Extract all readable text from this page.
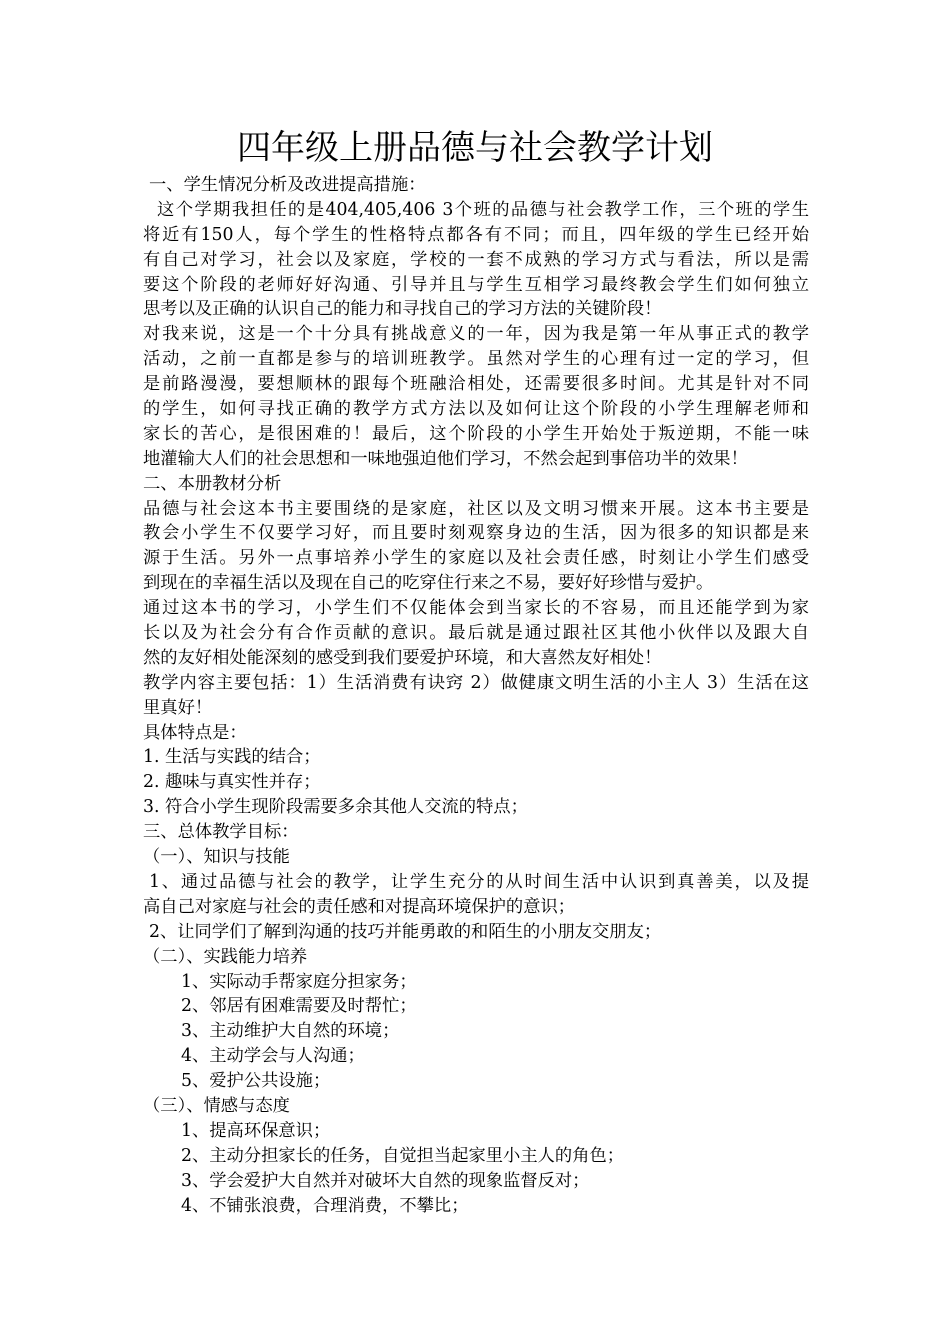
四年级上册品德与社会教学计划
一、学生情况分析及改进提高措施：
这个学期我担任的是404,405,406 3个班的品德与社会教学工作，三个班的学生
将近有150人，每个学生的性格特点都各有不同；而且，四年级的学生已经开始
有自己对学习，社会以及家庭，学校的一套不成熟的学习方式与看法，所以是需
要这个阶段的老师好好沟通、引导并且与学生互相学习最终教会学生们如何独立
思考以及正确的认识自己的能力和寻找自己的学习方法的关键阶段！
对我来说，这是一个十分具有挑战意义的一年，因为我是第一年从事正式的教学
活动，之前一直都是参与的培训班教学。虽然对学生的心理有过一定的学习，但
是前路漫漫，要想顺林的跟每个班融洽相处，还需要很多时间。尤其是针对不同
的学生，如何寻找正确的教学方式方法以及如何让这个阶段的小学生理解老师和
家长的苦心，是很困难的！最后，这个阶段的小学生开始处于叛逆期，不能一味
地灌输大人们的社会思想和一味地强迫他们学习，不然会起到事倍功半的效果！
二、本册教材分析
品德与社会这本书主要围绕的是家庭，社区以及文明习惯来开展。这本书主要是
教会小学生不仅要学习好，而且要时刻观察身边的生活，因为很多的知识都是来
源于生活。另外一点事培养小学生的家庭以及社会责任感，时刻让小学生们感受
到现在的幸福生活以及现在自己的吃穿住行来之不易，要好好珍惜与爱护。
通过这本书的学习，小学生们不仅能体会到当家长的不容易，而且还能学到为家
长以及为社会分有合作贡献的意识。最后就是通过跟社区其他小伙伴以及跟大自
然的友好相处能深刻的感受到我们要爱护环境，和大喜然友好相处！
教学内容主要包括：1）生活消费有诀窍 2）做健康文明生活的小主人 3）生活在这
里真好！
具体特点是：
1. 生活与实践的结合；
2. 趣味与真实性并存；
3. 符合小学生现阶段需要多余其他人交流的特点；
三、总体教学目标：
（一）、知识与技能
1、通过品德与社会的教学，让学生充分的从时间生活中认识到真善美，以及提
高自己对家庭与社会的责任感和对提高环境保护的意识；
2、让同学们了解到沟通的技巧并能勇敢的和陌生的小朋友交朋友；
（二）、实践能力培养
1、实际动手帮家庭分担家务；
2、邻居有困难需要及时帮忙；
3、主动维护大自然的环境；
4、主动学会与人沟通；
5、爱护公共设施；
（三）、情感与态度
1、提高环保意识；
2、主动分担家长的任务，自觉担当起家里小主人的角色；
3、学会爱护大自然并对破坏大自然的现象监督反对；
4、不铺张浪费，合理消费，不攀比；
